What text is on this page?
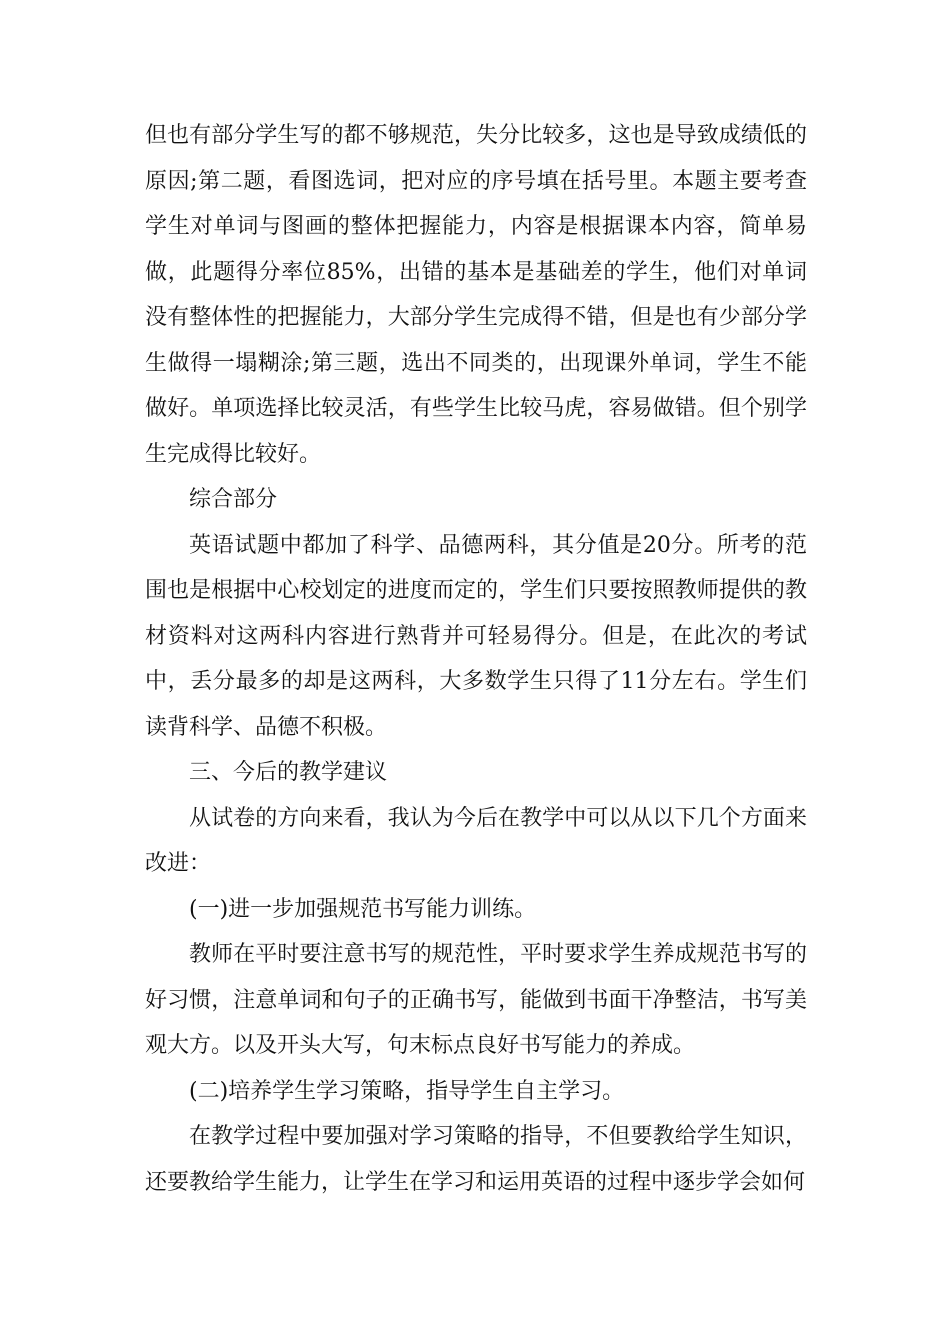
但也有部分学生写的都不够规范，失分比较多，这也是导致成绩低的原因;第二题，看图选词，把对应的序号填在括号里。本题主要考查学生对单词与图画的整体把握能力，内容是根据课本内容，简单易做，此题得分率位85%，出错的基本是基础差的学生，他们对单词没有整体性的把握能力，大部分学生完成得不错，但是也有少部分学生做得一塌糊涂;第三题，选出不同类的，出现课外单词，学生不能做好。单项选择比较灵活，有些学生比较马虎，容易做错。但个别学生完成得比较好。

综合部分

英语试题中都加了科学、品德两科，其分值是20分。所考的范围也是根据中心校划定的进度而定的，学生们只要按照教师提供的教材资料对这两科内容进行熟背并可轻易得分。但是，在此次的考试中，丢分最多的却是这两科，大多数学生只得了11分左右。学生们读背科学、品德不积极。

三、今后的教学建议

从试卷的方向来看，我认为今后在教学中可以从以下几个方面来改进：

(一)进一步加强规范书写能力训练。

教师在平时要注意书写的规范性，平时要求学生养成规范书写的好习惯，注意单词和句子的正确书写，能做到书面干净整洁，书写美观大方。以及开头大写，句末标点良好书写能力的养成。

(二)培养学生学习策略，指导学生自主学习。

在教学过程中要加强对学习策略的指导，不但要教给学生知识，还要教给学生能力，让学生在学习和运用英语的过程中逐步学会如何
